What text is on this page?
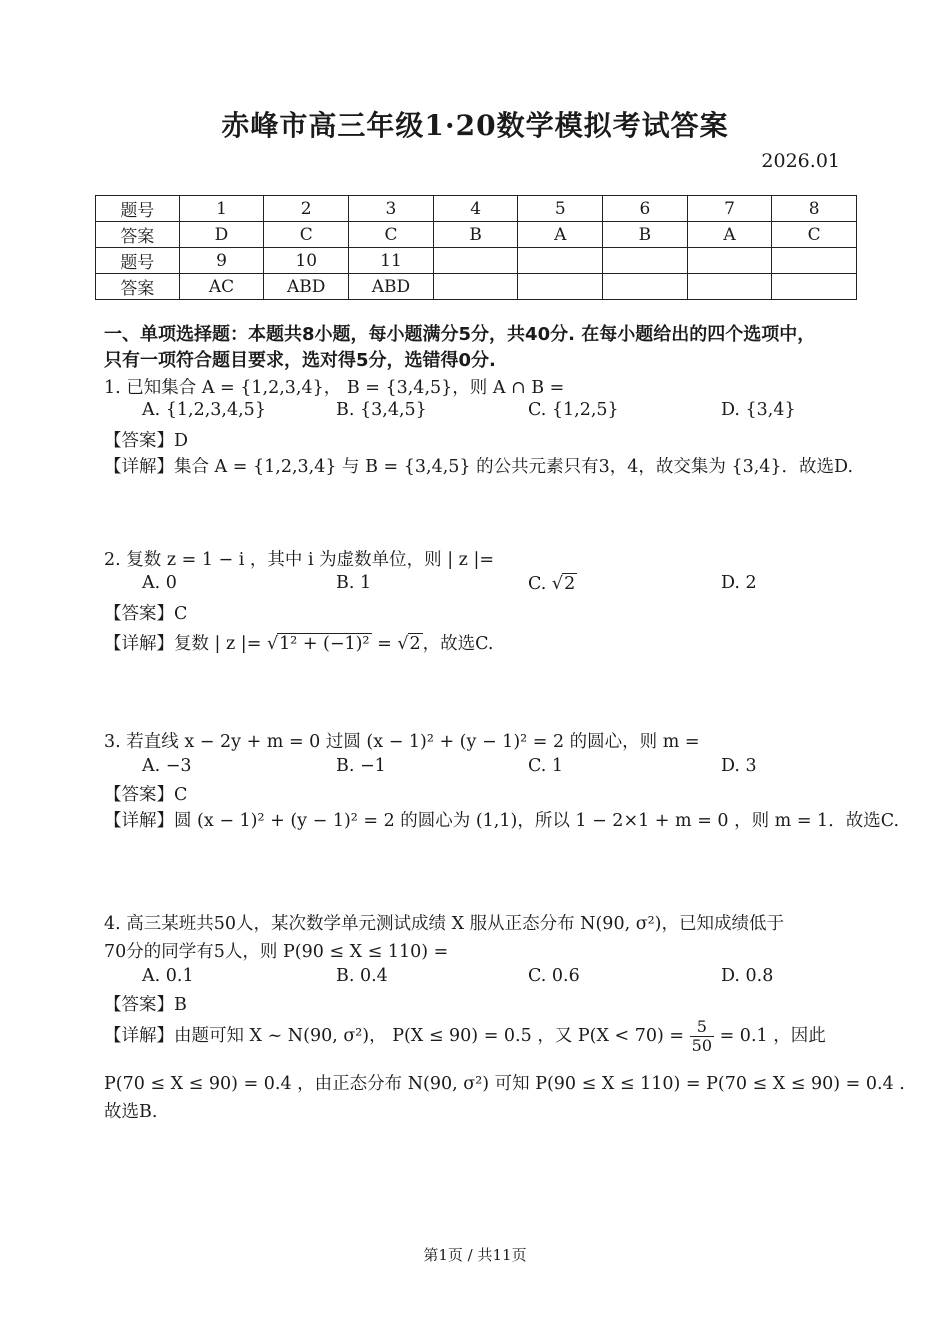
赤峰市高三年级1·20数学模拟考试答案
2026.01
题号	1	2	3	4	5	6	7	8
答案	D	C	C	B	A	B	A	C
题号	9	10	11					
答案	AC	ABD	ABD					
一、单项选择题：本题共8小题，每小题满分5分，共40分. 在每小题给出的四个选项中，
只有一项符合题目要求，选对得5分，选错得0分.
1. 已知集合 A = {1,2,3,4}， B = {3,4,5}，则 A ∩ B =
A. {1,2,3,4,5}	B. {3,4,5}	C. {1,2,5}	D. {3,4}
【答案】D
【详解】集合 A = {1,2,3,4} 与 B = {3,4,5} 的公共元素只有3，4，故交集为 {3,4}．故选D.
2. 复数 z = 1 − i ，其中 i 为虚数单位，则 | z |=
A. 0	B. 1	C. √2	D. 2
【答案】C
【详解】复数 | z |= √1² + (−1)² = √2 ，故选C.
3. 若直线 x − 2y + m = 0 过圆 (x − 1)² + (y − 1)² = 2 的圆心，则 m =
A. −3	B. −1	C. 1	D. 3
【答案】C
【详解】圆 (x − 1)² + (y − 1)² = 2 的圆心为 (1,1)，所以 1 − 2×1 + m = 0 ，则 m = 1．故选C.
4. 高三某班共50人，某次数学单元测试成绩 X 服从正态分布 N(90, σ²)，已知成绩低于
70分的同学有5人，则 P(90 ≤ X ≤ 110) =
A. 0.1	B. 0.4	C. 0.6	D. 0.8
【答案】B
【详解】由题可知 X ~ N(90, σ²)， P(X ≤ 90) = 0.5 ，又 $P(X < 70) = \frac{5}{50} = 0.1$ ，因此
P(70 ≤ X ≤ 90) = 0.4 ，由正态分布 N(90, σ²) 可知 P(90 ≤ X ≤ 110) = P(70 ≤ X ≤ 90) = 0.4 .
故选B.
第1页 / 共11页
